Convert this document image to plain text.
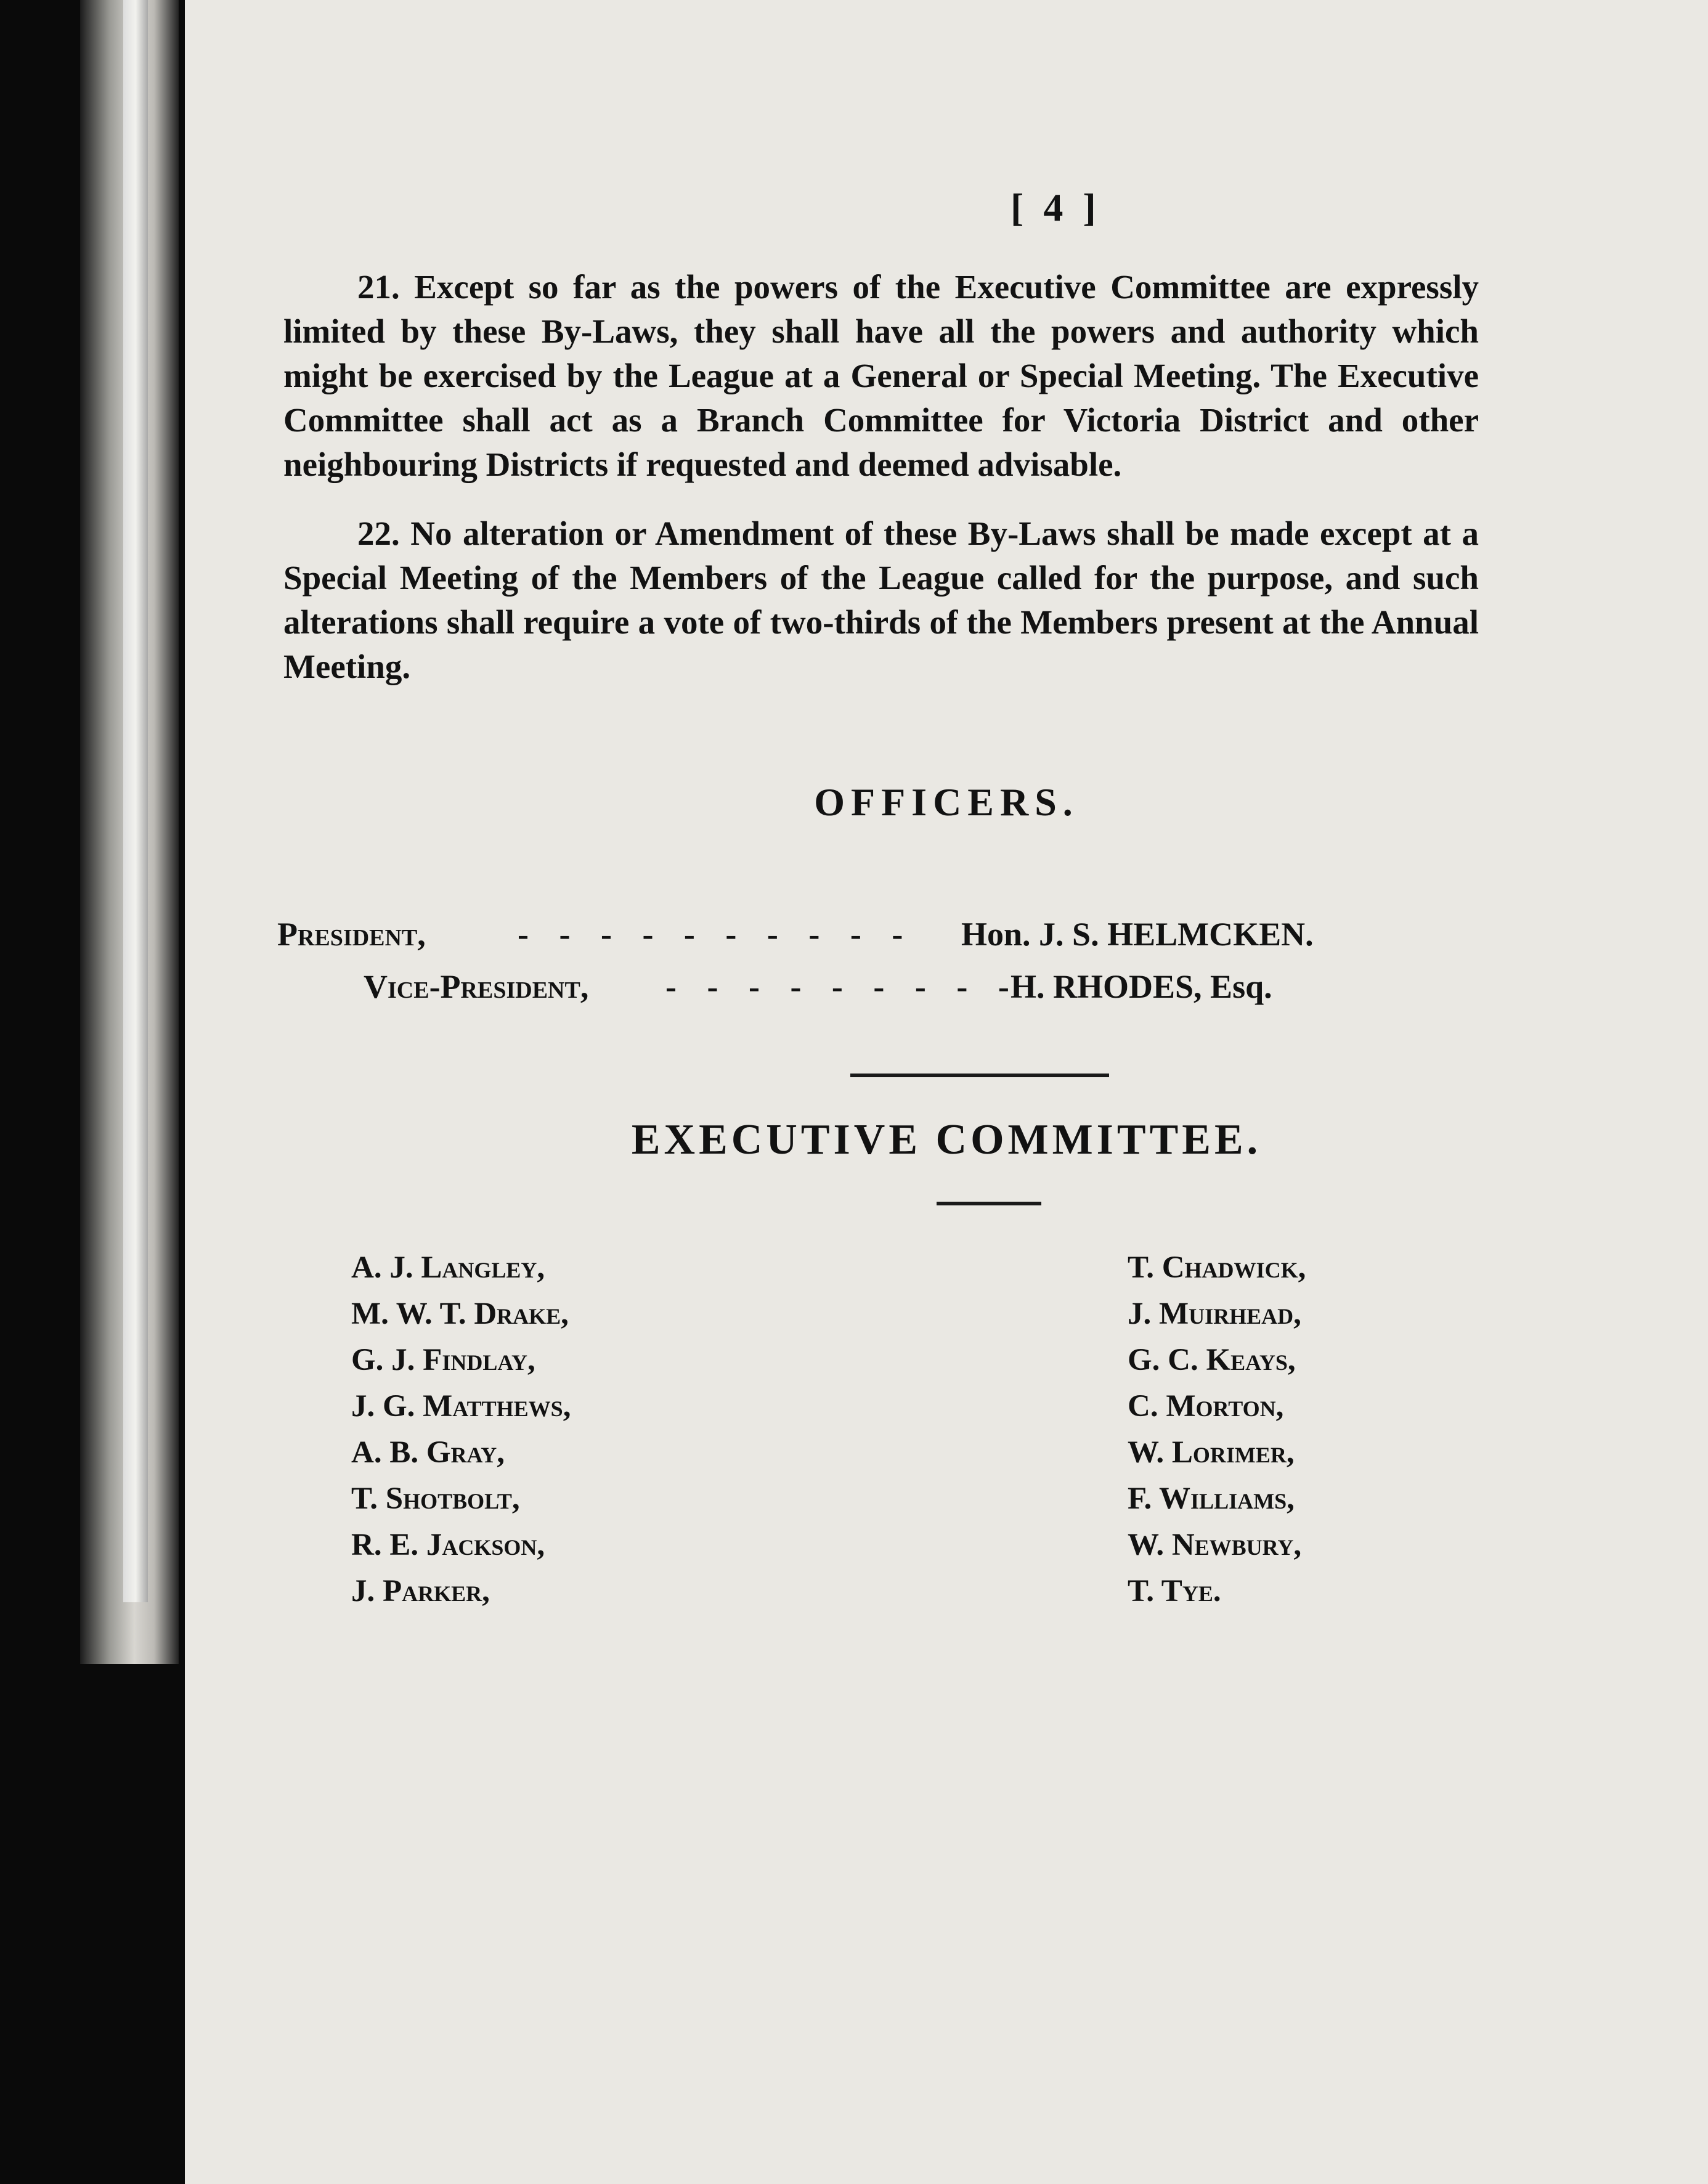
[ 4 ]
21. Except so far as the powers of the Executive Committee are expressly limited by these By-Laws, they shall have all the powers and authority which might be exercised by the League at a General or Special Meeting. The Executive Committee shall act as a Branch Committee for Victoria District and other neighbouring Districts if requested and deemed advisable.
22. No alteration or Amendment of these By-Laws shall be made except at a Special Meeting of the Members of the League called for the purpose, and such alterations shall require a vote of two-thirds of the Members present at the Annual Meeting.
OFFICERS.
President,	- - - - - - - - - - Hon. J. S. HELMCKEN.
Vice-President, - - - - - - - - -
H. RHODES, Esq.
EXECUTIVE COMMITTEE.
A. J. Langley,
M. W. T. Drake,
G. J. Findlay,
J. G. Matthews,
A. B. Gray,
T. Shotbolt,
R. E. Jackson,
J. Parker,
T. Chadwick,
J. Muirhead,
G. C. Keays,
C. Morton,
W. Lorimer,
F. Williams,
W. Newbury,
T. Tye.
